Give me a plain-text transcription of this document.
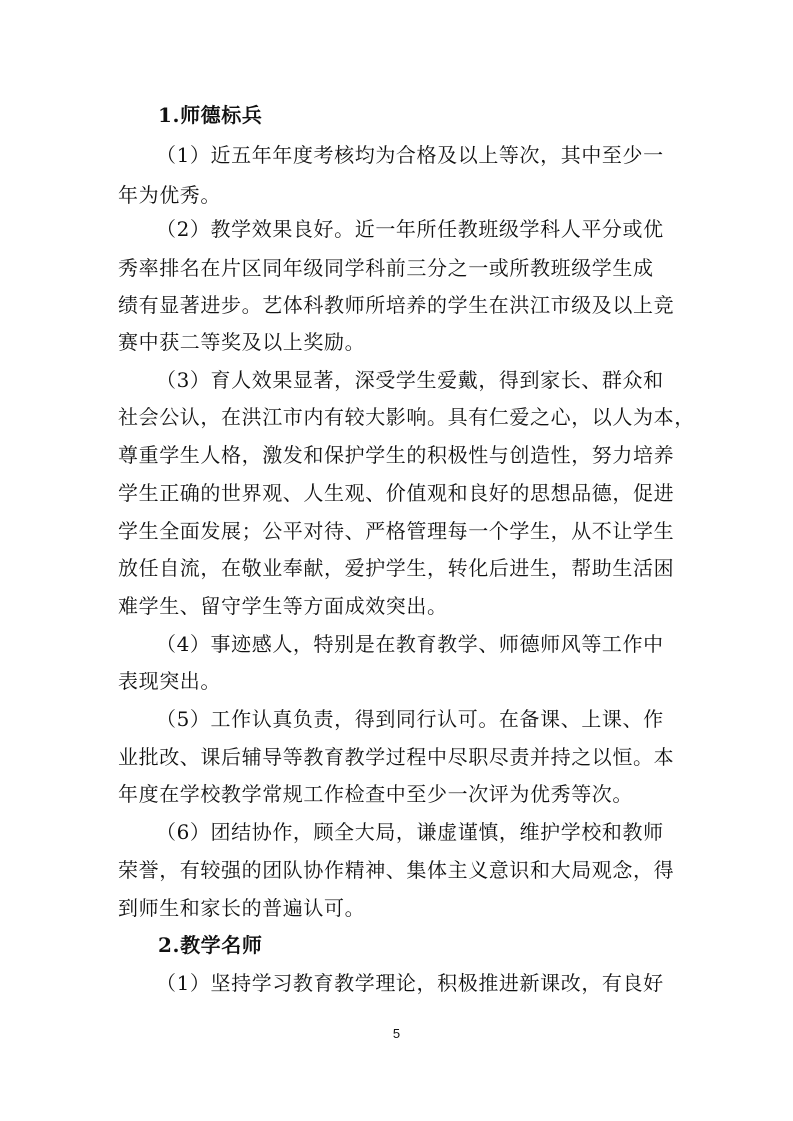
1.师德标兵
（1）近五年年度考核均为合格及以上等次，其中至少一
年为优秀。
（2）教学效果良好。近一年所任教班级学科人平分或优
秀率排名在片区同年级同学科前三分之一或所教班级学生成
绩有显著进步。艺体科教师所培养的学生在洪江市级及以上竞
赛中获二等奖及以上奖励。
（3）育人效果显著，深受学生爱戴，得到家长、群众和
社会公认，在洪江市内有较大影响。具有仁爱之心，以人为本，
尊重学生人格，激发和保护学生的积极性与创造性，努力培养
学生正确的世界观、人生观、价值观和良好的思想品德，促进
学生全面发展；公平对待、严格管理每一个学生，从不让学生
放任自流，在敬业奉献，爱护学生，转化后进生，帮助生活困
难学生、留守学生等方面成效突出。
（4）事迹感人，特别是在教育教学、师德师风等工作中
表现突出。
（5）工作认真负责，得到同行认可。在备课、上课、作
业批改、课后辅导等教育教学过程中尽职尽责并持之以恒。本
年度在学校教学常规工作检查中至少一次评为优秀等次。
（6）团结协作，顾全大局，谦虚谨慎，维护学校和教师
荣誉，有较强的团队协作精神、集体主义意识和大局观念，得
到师生和家长的普遍认可。
2.教学名师
（1）坚持学习教育教学理论，积极推进新课改，有良好
5
